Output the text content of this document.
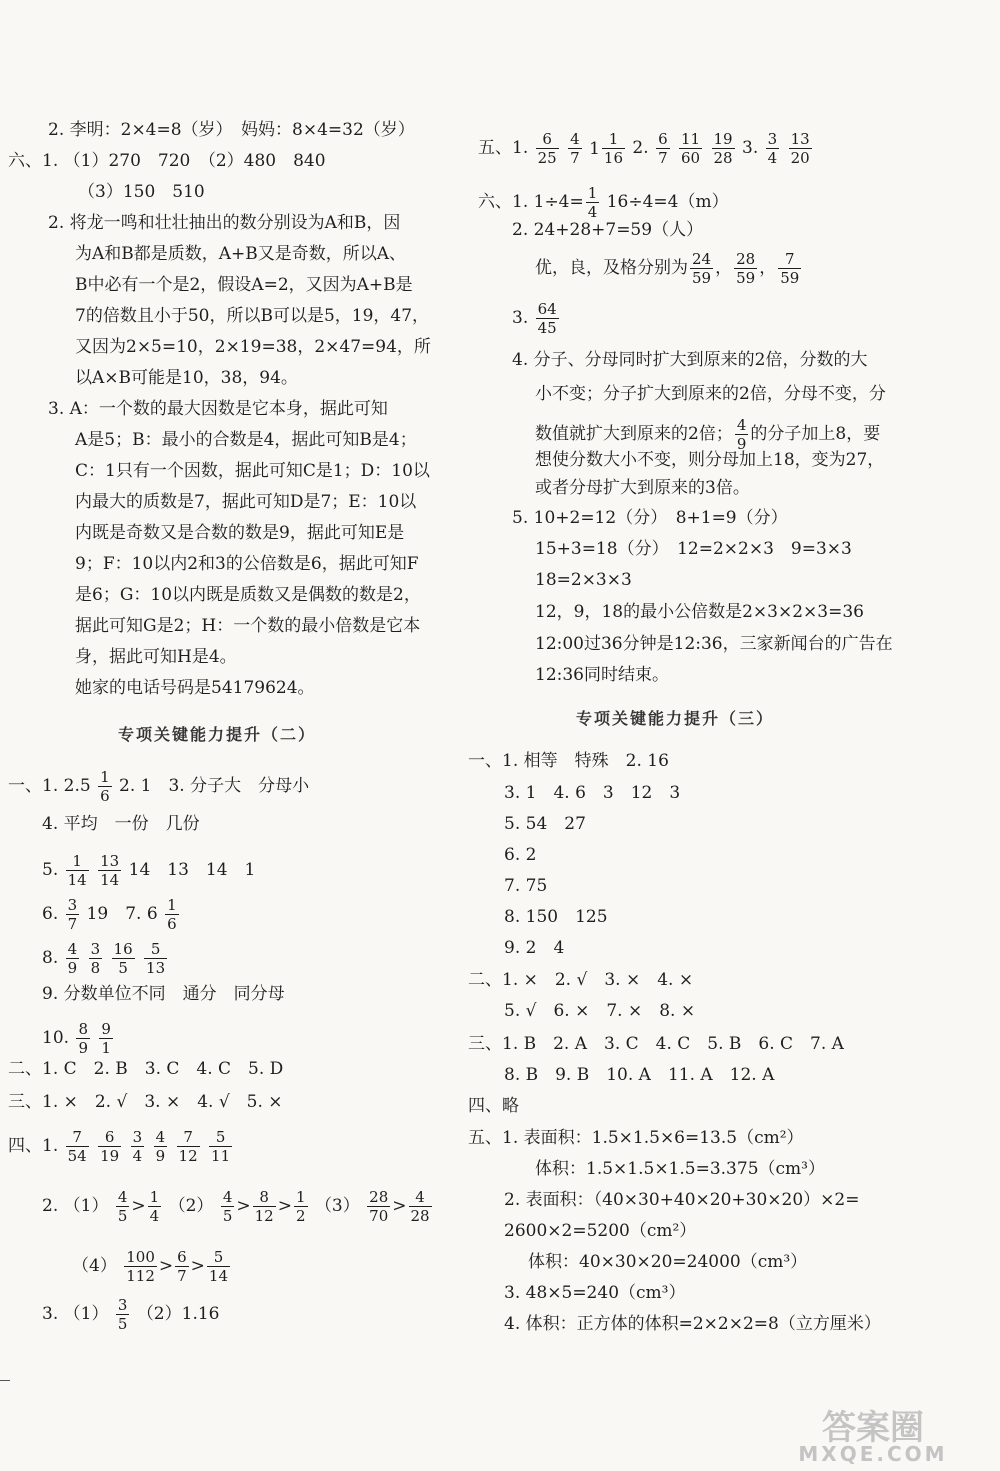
2. 李明：2×4=8（岁）　妈妈：8×4=32（岁）
六、1. （1）270　720　（2）480　840
（3）150　510
2. 将龙一鸣和壮壮抽出的数分别设为A和B，因
为A和B都是质数，A+B又是奇数，所以A、
B中必有一个是2，假设A=2，又因为A+B是
7的倍数且小于50，所以B可以是5，19，47，
又因为2×5=10，2×19=38，2×47=94，所
以A×B可能是10，38，94。
3. A：一个数的最大因数是它本身，据此可知
A是5；B：最小的合数是4，据此可知B是4；
C：1只有一个因数，据此可知C是1；D：10以
内最大的质数是7，据此可知D是7；E：10以
内既是奇数又是合数的数是9，据此可知E是
9；F：10以内2和3的公倍数是6，据此可知F
是6；G：10以内既是质数又是偶数的数是2，
据此可知G是2；H：一个数的最小倍数是它本
身，据此可知H是4。
她家的电话号码是54179624。
专项关键能力提升（二）
一、1. $2.5 \frac{1}{6} 2$. 1　3. 分子大　分母小
4. 平均　一份　几份
5. $\frac{1}{14}$
$\frac{13}{14} 14$　13　14　1
6. $\frac{3}{7} 19$　7. $6 \frac{1}{6}$
8. $\frac{4}{9}$
$\frac{3}{8}$
$\frac{16}{5}$
$\frac{5}{13}$
9. 分数单位不同　通分　同分母
10. $\frac{8}{9}$
$\frac{9}{1}$
二、1. C　2. B　3. C　4. C　5. D
三、1. ×　2. √　3. ×　4. √　5. ×
四、1. $\frac{7}{54}$
$\frac{6}{19}$
$\frac{3}{4}$
$\frac{4}{9}$
$\frac{7}{12}$
$\frac{5}{11}$
2. $(1) \frac{4}{5} > \frac{1}{4} (2) \frac{4}{5} > \frac{8}{12} > \frac{1}{2} (3) \frac{28}{70} > \frac{4}{28}$
$(4) \frac{100}{112} > \frac{6}{7} > \frac{5}{14}$
3. $(1) \frac{3}{5} (2)1.16$
五、1. $\frac{6}{25}$
$\frac{4}{7} 1 \frac{1}{16} 2$. $\frac{6}{7}$
$\frac{11}{60}$
$\frac{19}{28} 3$. $\frac{3}{4}$
$\frac{13}{20}$
六、1. $1\div 4= \frac{1}{4} 16\div 4=4(m)$
2. 24+28+7=59（人）
优，良，及格分别为 $\frac{24}{59}$ ， $\frac{28}{59}$ ， $\frac{7}{59}$
3. $\frac{64}{45}$
4. 分子、分母同时扩大到原来的2倍，分数的大
小不变；分子扩大到原来的2倍，分母不变，分
数值就扩大到原来的2倍； $\frac{4}{9}$ 的分子加上8，要
想使分数大小不变，则分母加上18，变为27，
或者分母扩大到原来的3倍。
5. 10+2=12（分）　8+1=9（分）
15+3=18（分）　12=2×2×3　9=3×3
18=2×3×3
12，9，18的最小公倍数是2×3×2×3=36
12:00过36分钟是12:36，三家新闻台的广告在
12:36同时结束。
专项关键能力提升（三）
一、1. 相等　特殊　2. 16
3. 1　4. 6　3　12　3
5. 54　27
6. 2
7. 75
8. 150　125
9. 2　4
二、1. ×　2. √　3. ×　4. ×
5. √　6. ×　7. ×　8. ×
三、1. B　2. A　3. C　4. C　5. B　6. C　7. A
8. B　9. B　10. A　11. A　12. A
四、略
五、1. 表面积：1.5×1.5×6=13.5（cm²）
体积：1.5×1.5×1.5=3.375（cm³）
2. 表面积：（40×30+40×20+30×20）×2=
2600×2=5200（cm²）
体积：40×30×20=24000（cm³）
3. 48×5=240（cm³）
4. 体积：正方体的体积=2×2×2=8（立方厘米）
答案圈
MXQE.COM
